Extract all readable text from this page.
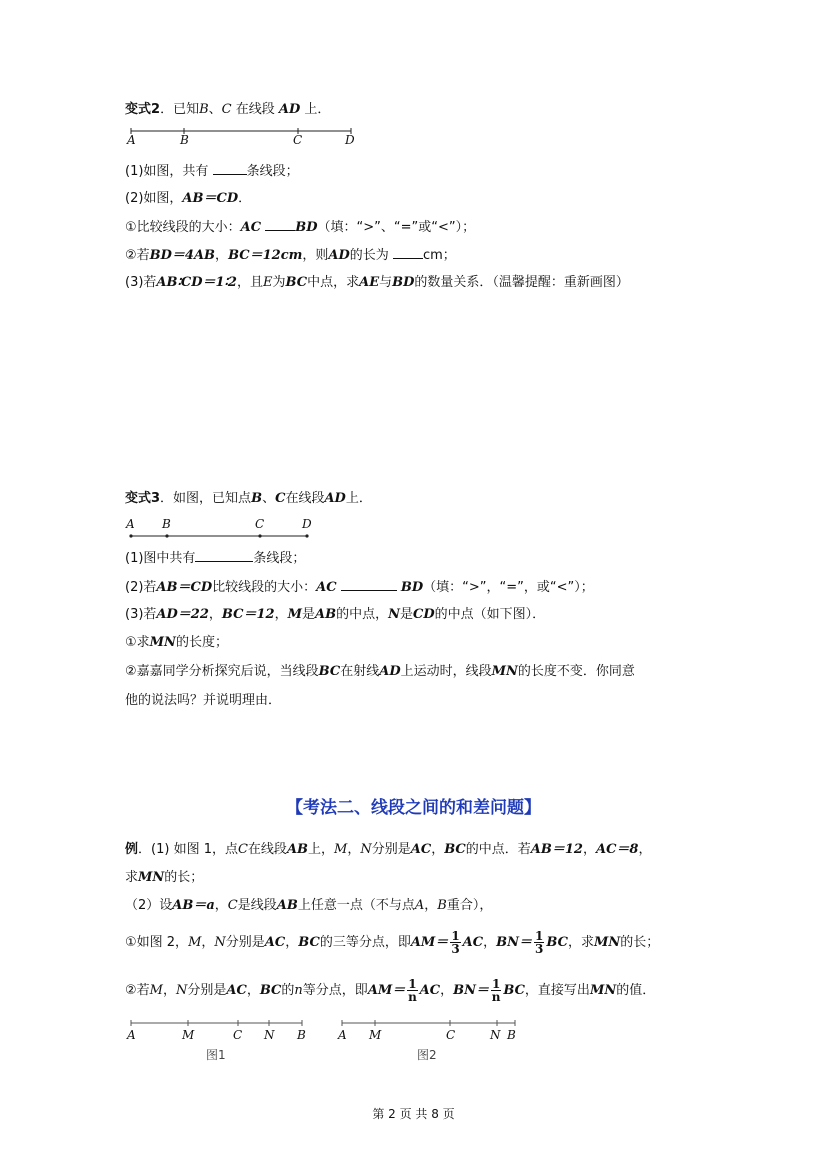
变式2．已知B、C 在线段 AD 上．
A	B	C	D
(1)如图，共有	条线段；
(2)如图，AB＝CD．
①比较线段的大小：AC	BD（填：“>”、“=”或“<”）；
②若BD＝4AB，BC＝12cm，则AD的长为	cm；
(3)若AB∶CD＝1∶2，且E为BC中点，求AE与BD的数量关系．（温馨提醒：重新画图）
变式3．如图，已知点B、C在线段AD上．
A B	C	D
(1)图中共有	条线段；
(2)若AB＝CD比较线段的大小：AC	BD（填：“>”，“=”，或“<”）；
(3)若AD＝22，BC＝12，M是AB的中点，N是CD的中点（如下图）．
①求MN的长度；
②嘉嘉同学分析探究后说，当线段BC在射线AD上运动时，线段MN的长度不变．你同意
他的说法吗？并说明理由．
【考法二、线段之间的和差问题】
例．(1) 如图 1，点C在线段AB上，M，N分别是AC，BC的中点．若AB＝12，AC＝8，
求MN的长；
（2）设AB＝a，C是线段AB上任意一点（不与点A，B重合），
①如图 2，M，N分别是AC，BC的三等分点，即$AM= \frac{1}{3}$ AC，$BN= \frac{1}{3}$ BC，求MN的长；
②若M，N分别是AC，BC的n等分点，即$AM= \frac{1}{n}$ AC，$BN= \frac{1}{n}$ BC，直接写出MN的值．
A	M	C N B
图1
A M	C	N B
图2
第 2 页 共 8 页
